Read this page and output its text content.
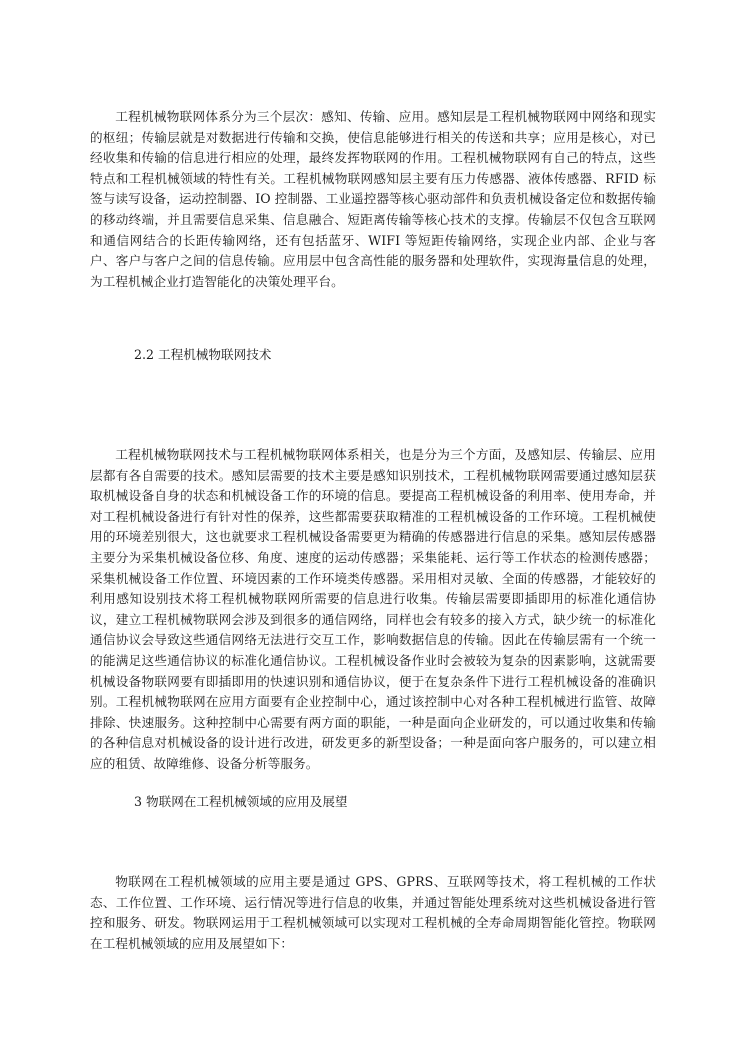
工程机械物联网体系分为三个层次：感知、传输、应用。感知层是工程机械物联网中网络和现实的枢纽；传输层就是对数据进行传输和交换，使信息能够进行相关的传送和共享；应用是核心，对已经收集和传输的信息进行相应的处理，最终发挥物联网的作用。工程机械物联网有自己的特点，这些特点和工程机械领域的特性有关。工程机械物联网感知层主要有压力传感器、液体传感器、RFID 标签与读写设备，运动控制器、IO 控制器、工业遥控器等核心驱动部件和负责机械设备定位和数据传输的移动终端，并且需要信息采集、信息融合、短距离传输等核心技术的支撑。传输层不仅包含互联网和通信网结合的长距传输网络，还有包括蓝牙、WIFI 等短距传输网络，实现企业内部、企业与客户、客户与客户之间的信息传输。应用层中包含高性能的服务器和处理软件，实现海量信息的处理，为工程机械企业打造智能化的决策处理平台。

2.2 工程机械物联网技术

工程机械物联网技术与工程机械物联网体系相关，也是分为三个方面，及感知层、传输层、应用层都有各自需要的技术。感知层需要的技术主要是感知识别技术，工程机械物联网需要通过感知层获取机械设备自身的状态和机械设备工作的环境的信息。要提高工程机械设备的利用率、使用寿命，并对工程机械设备进行有针对性的保养，这些都需要获取精准的工程机械设备的工作环境。工程机械使用的环境差别很大，这也就要求工程机械设备需要更为精确的传感器进行信息的采集。感知层传感器主要分为采集机械设备位移、角度、速度的运动传感器；采集能耗、运行等工作状态的检测传感器；采集机械设备工作位置、环境因素的工作环境类传感器。采用相对灵敏、全面的传感器，才能较好的利用感知设别技术将工程机械物联网所需要的信息进行收集。传输层需要即插即用的标准化通信协议，建立工程机械物联网会涉及到很多的通信网络，同样也会有较多的接入方式，缺少统一的标准化通信协议会导致这些通信网络无法进行交互工作，影响数据信息的传输。因此在传输层需有一个统一的能满足这些通信协议的标准化通信协议。工程机械设备作业时会被较为复杂的因素影响，这就需要机械设备物联网要有即插即用的快速识别和通信协议，便于在复杂条件下进行工程机械设备的准确识别。工程机械物联网在应用方面要有企业控制中心，通过该控制中心对各种工程机械进行监管、故障排除、快速服务。这种控制中心需要有两方面的职能，一种是面向企业研发的，可以通过收集和传输的各种信息对机械设备的设计进行改进，研发更多的新型设备；一种是面向客户服务的，可以建立相应的租赁、故障维修、设备分析等服务。

3 物联网在工程机械领域的应用及展望

物联网在工程机械领域的应用主要是通过 GPS、GPRS、互联网等技术，将工程机械的工作状态、工作位置、工作环境、运行情况等进行信息的收集，并通过智能处理系统对这些机械设备进行管控和服务、研发。物联网运用于工程机械领域可以实现对工程机械的全寿命周期智能化管控。物联网在工程机械领域的应用及展望如下：
